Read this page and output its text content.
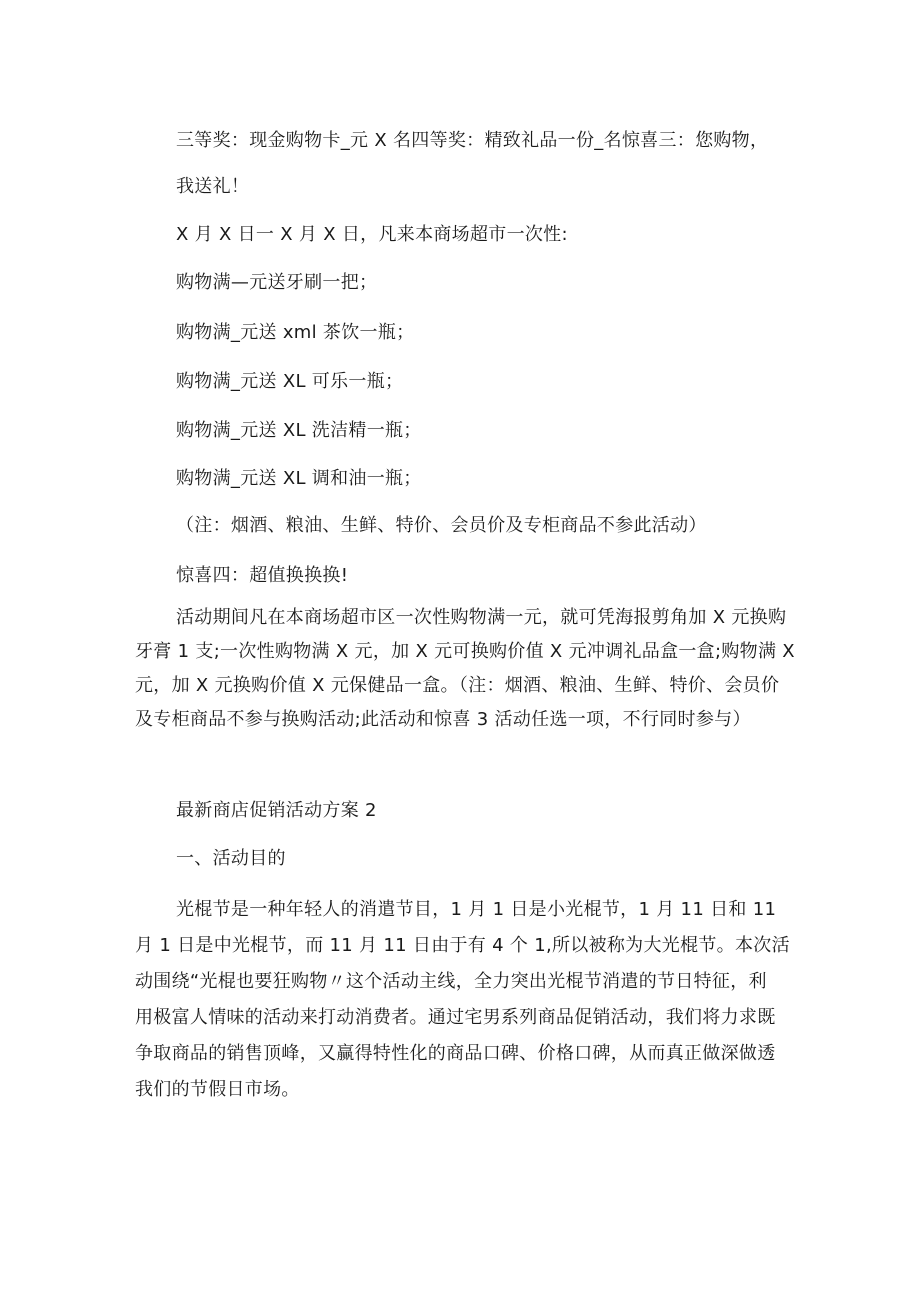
三等奖：现金购物卡_元 X 名四等奖：精致礼品一份_名惊喜三：您购物，
我送礼！
X 月 X 日一 X 月 X 日，凡来本商场超市一次性:
购物满—元送牙刷一把；
购物满_元送 xml 茶饮一瓶；
购物满_元送 XL 可乐一瓶；
购物满_元送 XL 洗洁精一瓶；
购物满_元送 XL 调和油一瓶；
（注：烟酒、粮油、生鲜、特价、会员价及专柜商品不参此活动）
惊喜四：超值换换换!
活动期间凡在本商场超市区一次性购物满一元，就可凭海报剪角加 X 元换购
牙膏 1 支;一次性购物满 X 元，加 X 元可换购价值 X 元冲调礼品盒一盒;购物满 X
元，加 X 元换购价值 X 元保健品一盒。（注：烟酒、粮油、生鲜、特价、会员价
及专柜商品不参与换购活动;此活动和惊喜 3 活动任选一项，不行同时参与）
最新商店促销活动方案 2
一、活动目的
光棍节是一种年轻人的消遣节目，1 月 1 日是小光棍节，1 月 11 日和 11
月 1 日是中光棍节，而 11 月 11 日由于有 4 个 1,所以被称为大光棍节。本次活
动围绕“光棍也要狂购物〃这个活动主线，全力突出光棍节消遣的节日特征，利
用极富人情味的活动来打动消费者。通过宅男系列商品促销活动，我们将力求既
争取商品的销售顶峰，又赢得特性化的商品口碑、价格口碑，从而真正做深做透
我们的节假日市场。
